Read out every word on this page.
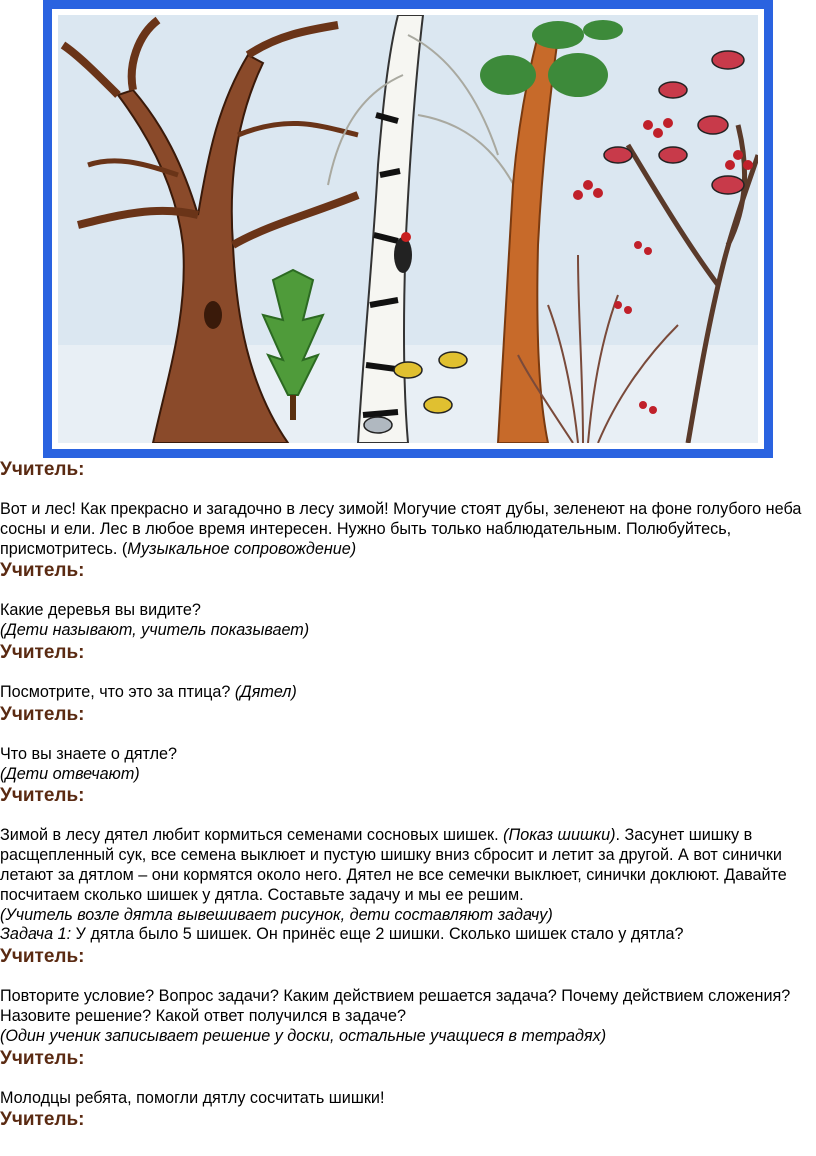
Учитель:

Вот и лес! Как прекрасно и загадочно в лесу зимой! Могучие стоят дубы, зеленеют на фоне голубого неба сосны и ели. Лес в любое время интересен. Нужно быть только наблюдательным. Полюбуйтесь, присмотритесь. (Музыкальное сопровождение)

Учитель:

Какие деревья вы видите?

(Дети называют, учитель показывает)

Учитель:

Посмотрите, что это за птица? (Дятел)

Учитель:

Что вы знаете о дятле?

(Дети отвечают)

Учитель:

Зимой в лесу дятел любит кормиться семенами сосновых шишек. (Показ шишки). Засунет шишку в расщепленный сук, все семена выклюет и пустую шишку вниз сбросит и летит за другой. А вот синички летают за дятлом – они кормятся около него. Дятел не все семечки выклюет, синички доклюют. Давайте посчитаем сколько шишек у дятла. Составьте задачу и мы ее решим.

(Учитель возле дятла вывешивает рисунок, дети составляют задачу)

Задача 1: У дятла было 5 шишек. Он принёс еще 2 шишки. Сколько шишек стало у дятла?

Учитель:

Повторите условие? Вопрос задачи? Каким действием решается задача? Почему действием сложения? Назовите решение? Какой ответ получился в задаче?

(Один ученик записывает решение у доски, остальные учащиеся в тетрадях)

Учитель:

Молодцы ребята, помогли дятлу сосчитать шишки!

Учитель:
